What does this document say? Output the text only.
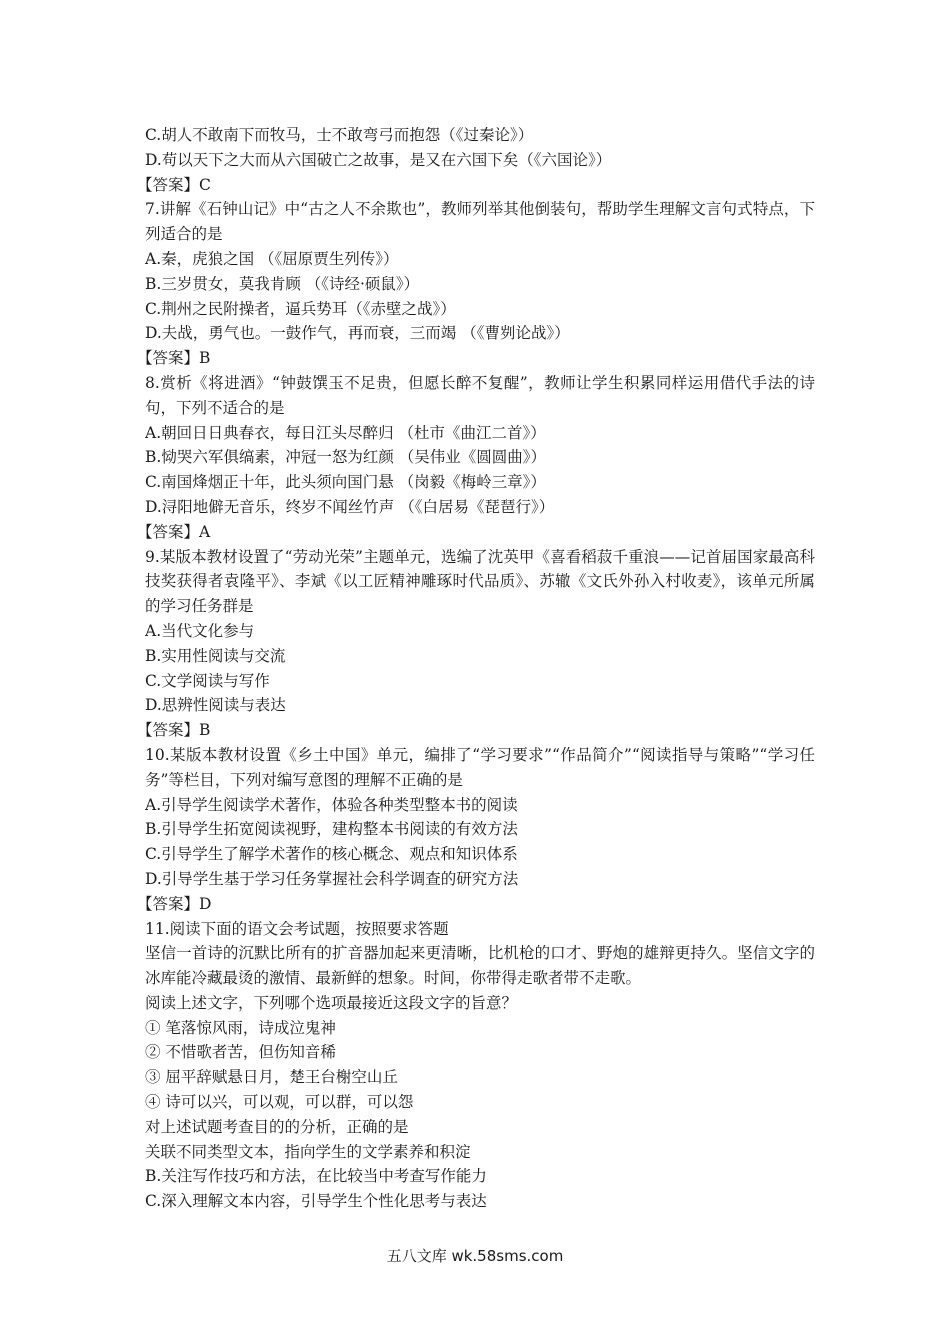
C.胡人不敢南下而牧马，士不敢弯弓而抱怨（《过秦论》）
D.苟以天下之大而从六国破亡之故事，是又在六国下矣（《六国论》）
【答案】C
7.讲解《石钟山记》中“古之人不余欺也”，教师列举其他倒装句，帮助学生理解文言句式特点，下列适合的是
A.秦，虎狼之国 （《屈原贾生列传》）
B.三岁贯女，莫我肯顾 （《诗经·硕鼠》）
C.荆州之民附操者，逼兵势耳（《赤壁之战》）
D.夫战，勇气也。一鼓作气，再而衰，三而竭 （《曹刿论战》）
【答案】B
8.赏析《将进酒》“钟鼓馔玉不足贵，但愿长醉不复醒”，教师让学生积累同样运用借代手法的诗句，下列不适合的是
A.朝回日日典春衣，每日江头尽醉归 （杜市《曲江二首》）
B.恸哭六军俱缟素，冲冠一怒为红颜 （吴伟业《圆圆曲》）
C.南国烽烟正十年，此头须向国门悬 （岗毅《梅岭三章》）
D.浔阳地僻无音乐，终岁不闻丝竹声 （《白居易《琵琶行》）
【答案】A
9.某版本教材设置了“劳动光荣”主题单元，选编了沈英甲《喜看稻菽千重浪——记首届国家最高科技奖获得者袁隆平》、李斌《以工匠精神雕琢时代品质》、苏辙《文氏外孙入村收麦》，该单元所属的学习任务群是
A.当代文化参与
B.实用性阅读与交流
C.文学阅读与写作
D.思辨性阅读与表达
【答案】B
10.某版本教材设置《乡土中国》单元，编排了“学习要求”“作品简介”“阅读指导与策略”“学习任务”等栏目，下列对编写意图的理解不正确的是
A.引导学生阅读学术著作，体验各种类型整本书的阅读
B.引导学生拓宽阅读视野，建构整本书阅读的有效方法
C.引导学生了解学术著作的核心概念、观点和知识体系
D.引导学生基于学习任务掌握社会科学调查的研究方法
【答案】D
11.阅读下面的语文会考试题，按照要求答题
坚信一首诗的沉默比所有的扩音器加起来更清晰，比机枪的口才、野炮的雄辩更持久。坚信文字的冰库能冷藏最烫的激情、最新鲜的想象。时间，你带得走歌者带不走歌。
阅读上述文字，下列哪个选项最接近这段文字的旨意？
① 笔落惊风雨，诗成泣鬼神
② 不惜歌者苦，但伤知音稀
③ 屈平辞赋悬日月，楚王台榭空山丘
④ 诗可以兴，可以观，可以群，可以怨
对上述试题考查目的的分析，正确的是
关联不同类型文本，指向学生的文学素养和积淀
B.关注写作技巧和方法，在比较当中考查写作能力
C.深入理解文本内容，引导学生个性化思考与表达
五八文库 wk.58sms.com
